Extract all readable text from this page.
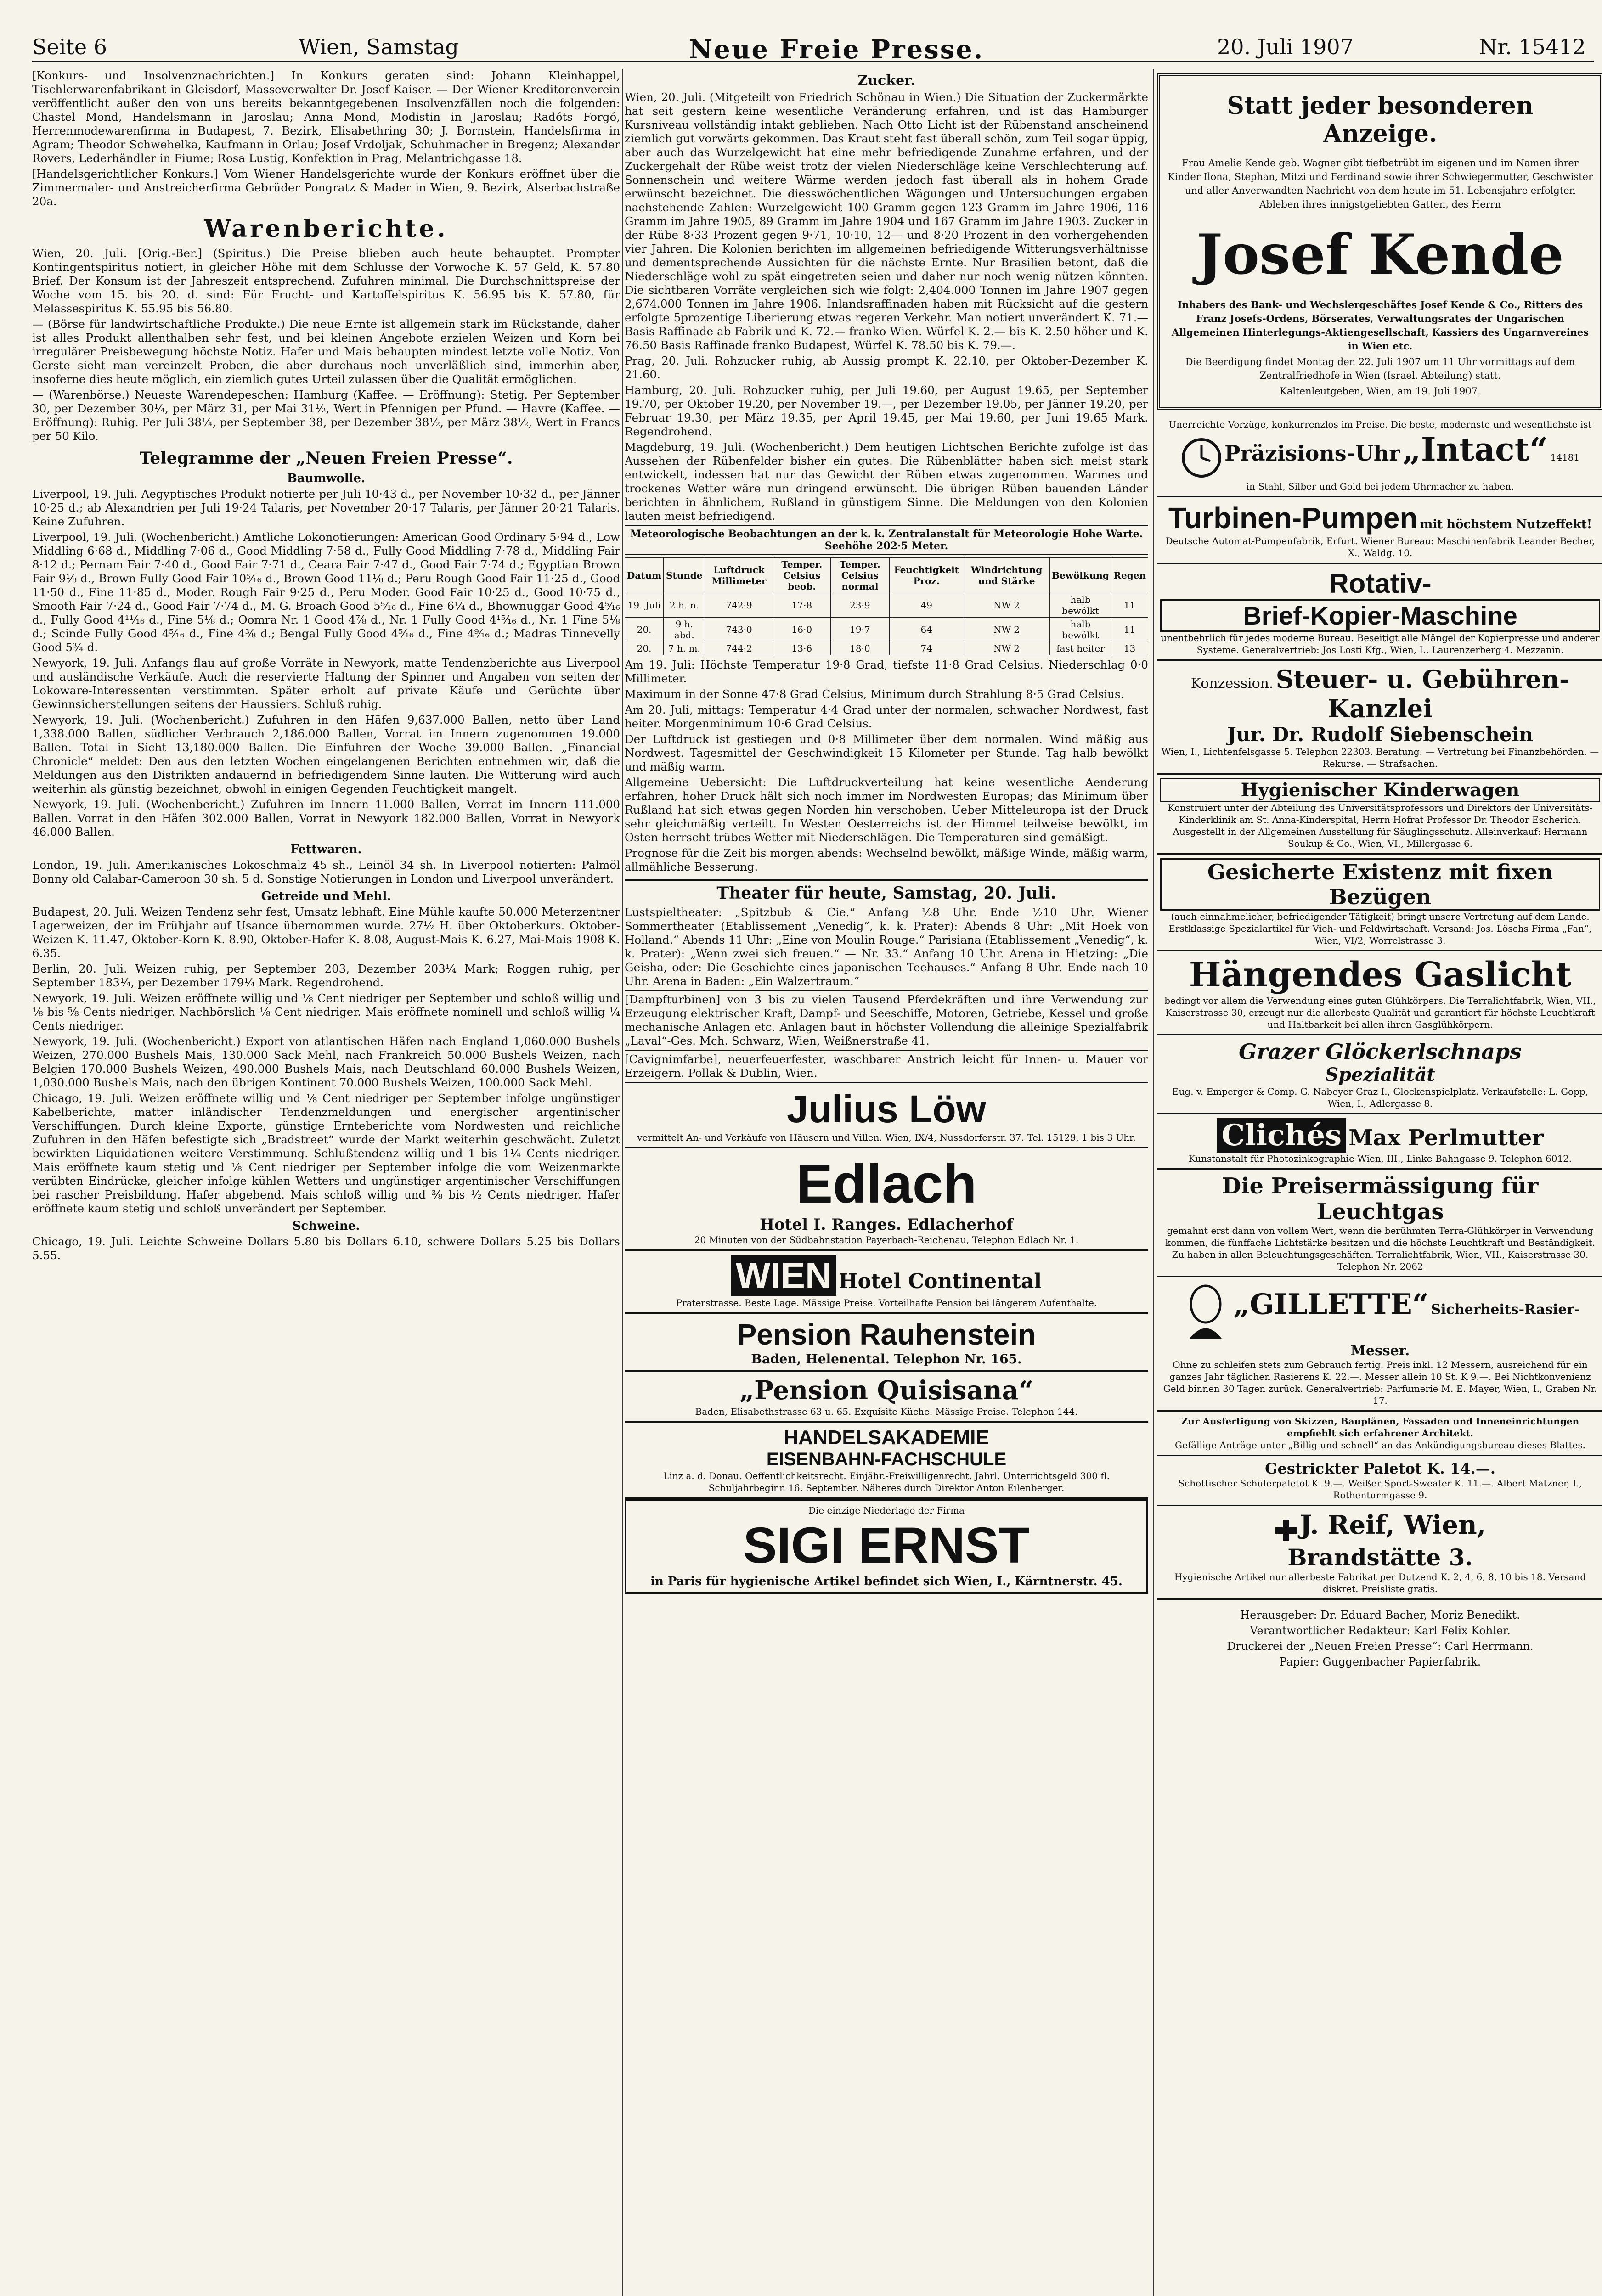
Seite 6	Wien, Samstag	Neue Freie Presse.	20. Juli 1907	Nr. 15412

[Konkurs- und Insolvenznachrichten.] In Konkurs geraten sind: Johann Kleinhappel, Tischlerwarenfabrikant in Gleisdorf, Masseverwalter Dr. Josef Kaiser. — Der Wiener Kreditorenverein veröffentlicht außer den von uns bereits bekanntgegebenen Insolvenzfällen noch die folgenden: Chastel Mond, Handelsmann in Jaroslau; Anna Mond, Modistin in Jaroslau; Radóts Forgó, Herrenmodewarenfirma in Budapest, 7. Bezirk, Elisabethring 30; J. Bornstein, Handelsfirma in Agram; Theodor Schwehelka, Kaufmann in Orlau; Josef Vrdoljak, Schuhmacher in Bregenz; Alexander Rovers, Lederhändler in Fiume; Rosa Lustig, Konfektion in Prag, Melantrichgasse 18.

[Handelsgerichtlicher Konkurs.] Vom Wiener Handelsgerichte wurde der Konkurs eröffnet über die Zimmermaler- und Anstreicherfirma Gebrüder Pongratz & Mader in Wien, 9. Bezirk, Alserbachstraße 20a.

Warenberichte.

Wien, 20. Juli. [Orig.-Ber.] (Spiritus.) Die Preise blieben auch heute behauptet. Prompter Kontingentspiritus notiert, in gleicher Höhe mit dem Schlusse der Vorwoche K. 57 Geld, K. 57.80 Brief. Der Konsum ist der Jahreszeit entsprechend. Zufuhren minimal. Die Durchschnittspreise der Woche vom 15. bis 20. d. sind: Für Frucht- und Kartoffelspiritus K. 56.95 bis K. 57.80, für Melassespiritus K. 55.95 bis 56.80.

— (Börse für landwirtschaftliche Produkte.) Die neue Ernte ist allgemein stark im Rückstande, daher ist alles Produkt allenthalben sehr fest, und bei kleinen Angebote erzielen Weizen und Korn bei irregulärer Preisbewegung höchste Notiz. Hafer und Mais behaupten mindest letzte volle Notiz. Von Gerste sieht man vereinzelt Proben, die aber durchaus noch unverläßlich sind, immerhin aber, insoferne dies heute möglich, ein ziemlich gutes Urteil zulassen über die Qualität ermöglichen.

— (Warenbörse.) Neueste Warendepeschen: Hamburg (Kaffee. — Eröffnung): Stetig. Per September 30, per Dezember 30¼, per März 31, per Mai 31½, Wert in Pfennigen per Pfund. — Havre (Kaffee. — Eröffnung): Ruhig. Per Juli 38¼, per September 38, per Dezember 38½, per März 38½, Wert in Francs per 50 Kilo.

Telegramme der „Neuen Freien Presse“.
Baumwolle.

Liverpool, 19. Juli. Aegyptisches Produkt notierte per Juli 10·43 d., per November 10·32 d., per Jänner 10·25 d.; ab Alexandrien per Juli 19·24 Talaris, per November 20·17 Talaris, per Jänner 20·21 Talaris. Keine Zufuhren.

Liverpool, 19. Juli. (Wochenbericht.) Amtliche Lokonotierungen: American Good Ordinary 5·94 d., Low Middling 6·68 d., Middling 7·06 d., Good Middling 7·58 d., Fully Good Middling 7·78 d., Middling Fair 8·12 d.; Pernam Fair 7·40 d., Good Fair 7·71 d., Ceara Fair 7·47 d., Good Fair 7·74 d.; Egyptian Brown Fair 9⅛ d., Brown Fully Good Fair 10⁵⁄₁₆ d., Brown Good 11⅛ d.; Peru Rough Good Fair 11·25 d., Good 11·50 d., Fine 11·85 d., Moder. Rough Fair 9·25 d., Peru Moder. Good Fair 10·25 d., Good 10·75 d., Smooth Fair 7·24 d., Good Fair 7·74 d., M. G. Broach Good 5⁵⁄₁₆ d., Fine 6¼ d., Bhownuggar Good 4⁵⁄₁₆ d., Fully Good 4¹¹⁄₁₆ d., Fine 5⅛ d.; Oomra Nr. 1 Good 4⅞ d., Nr. 1 Fully Good 4¹⁵⁄₁₆ d., Nr. 1 Fine 5⅛ d.; Scinde Fully Good 4⁵⁄₁₆ d., Fine 4⅜ d.; Bengal Fully Good 4⁵⁄₁₆ d., Fine 4⁹⁄₁₆ d.; Madras Tinnevelly Good 5¾ d.

Newyork, 19. Juli. Anfangs flau auf große Vorräte in Newyork, matte Tendenzberichte aus Liverpool und ausländische Verkäufe. Auch die reservierte Haltung der Spinner und Angaben von seiten der Lokoware-Interessenten verstimmten. Später erholt auf private Käufe und Gerüchte über Gewinnsicherstellungen seitens der Haussiers. Schluß ruhig.

Newyork, 19. Juli. (Wochenbericht.) Zufuhren in den Häfen 9,637.000 Ballen, netto über Land 1,338.000 Ballen, südlicher Verbrauch 2,186.000 Ballen, Vorrat im Innern zugenommen 19.000 Ballen. Total in Sicht 13,180.000 Ballen. Die Einfuhren der Woche 39.000 Ballen. „Financial Chronicle“ meldet: Den aus den letzten Wochen eingelangenen Berichten entnehmen wir, daß die Meldungen aus den Distrikten andauernd in befriedigendem Sinne lauten. Die Witterung wird auch weiterhin als günstig bezeichnet, obwohl in einigen Gegenden Feuchtigkeit mangelt.

Newyork, 19. Juli. (Wochenbericht.) Zufuhren im Innern 11.000 Ballen, Vorrat im Innern 111.000 Ballen. Vorrat in den Häfen 302.000 Ballen, Vorrat in Newyork 182.000 Ballen, Vorrat in Newyork 46.000 Ballen.

Fettwaren.

London, 19. Juli. Amerikanisches Lokoschmalz 45 sh., Leinöl 34 sh. In Liverpool notierten: Palmöl Bonny old Calabar-Cameroon 30 sh. 5 d. Sonstige Notierungen in London und Liverpool unverändert.

Getreide und Mehl.

Budapest, 20. Juli. Weizen Tendenz sehr fest, Umsatz lebhaft. Eine Mühle kaufte 50.000 Meterzentner Lagerweizen, der im Frühjahr auf Usance übernommen wurde. 27½ H. über Oktoberkurs. Oktober-Weizen K. 11.47, Oktober-Korn K. 8.90, Oktober-Hafer K. 8.08, August-Mais K. 6.27, Mai-Mais 1908 K. 6.35.

Berlin, 20. Juli. Weizen ruhig, per September 203, Dezember 203¼ Mark; Roggen ruhig, per September 183¼, per Dezember 179¼ Mark. Regendrohend.

Newyork, 19. Juli. Weizen eröffnete willig und ⅛ Cent niedriger per September und schloß willig und ⅛ bis ⅝ Cents niedriger. Nachbörslich ⅛ Cent niedriger. Mais eröffnete nominell und schloß willig ¼ Cents niedriger.

Newyork, 19. Juli. (Wochenbericht.) Export von atlantischen Häfen nach England 1,060.000 Bushels Weizen, 270.000 Bushels Mais, 130.000 Sack Mehl, nach Frankreich 50.000 Bushels Weizen, nach Belgien 170.000 Bushels Weizen, 490.000 Bushels Mais, nach Deutschland 60.000 Bushels Weizen, 1,030.000 Bushels Mais, nach den übrigen Kontinent 70.000 Bushels Weizen, 100.000 Sack Mehl.

Chicago, 19. Juli. Weizen eröffnete willig und ⅛ Cent niedriger per September infolge ungünstiger Kabelberichte, matter inländischer Tendenzmeldungen und energischer argentinischer Verschiffungen. Durch kleine Exporte, günstige Ernteberichte vom Nordwesten und reichliche Zufuhren in den Häfen befestigte sich „Bradstreet“ wurde der Markt weiterhin geschwächt. Zuletzt bewirkten Liquidationen weitere Verstimmung. Schlußtendenz willig und 1 bis 1¼ Cents niedriger. Mais eröffnete kaum stetig und ⅛ Cent niedriger per September infolge die vom Weizenmarkte verübten Eindrücke, gleicher infolge kühlen Wetters und ungünstiger argentinischer Verschiffungen bei rascher Preisbildung. Hafer abgebend. Mais schloß willig und ⅜ bis ½ Cents niedriger. Hafer eröffnete kaum stetig und schloß unverändert per September.

Schweine.

Chicago, 19. Juli. Leichte Schweine Dollars 5.80 bis Dollars 6.10, schwere Dollars 5.25 bis Dollars 5.55.

Zucker.

Wien, 20. Juli. (Mitgeteilt von Friedrich Schönau in Wien.) Die Situation der Zuckermärkte hat seit gestern keine wesentliche Veränderung erfahren, und ist das Hamburger Kursniveau vollständig intakt geblieben. Nach Otto Licht ist der Rübenstand anscheinend ziemlich gut vorwärts gekommen. Das Kraut steht fast überall schön, zum Teil sogar üppig, aber auch das Wurzelgewicht hat eine mehr befriedigende Zunahme erfahren, und der Zuckergehalt der Rübe weist trotz der vielen Niederschläge keine Verschlechterung auf. Sonnenschein und weitere Wärme werden jedoch fast überall als in hohem Grade erwünscht bezeichnet. Die diesswöchentlichen Wägungen und Untersuchungen ergaben nachstehende Zahlen: Wurzelgewicht 100 Gramm gegen 123 Gramm im Jahre 1906, 116 Gramm im Jahre 1905, 89 Gramm im Jahre 1904 und 167 Gramm im Jahre 1903. Zucker in der Rübe 8·33 Prozent gegen 9·71, 10·10, 12— und 8·20 Prozent in den vorhergehenden vier Jahren. Die Kolonien berichten im allgemeinen befriedigende Witterungsverhältnisse und dementsprechende Aussichten für die nächste Ernte. Nur Brasilien betont, daß die Niederschläge wohl zu spät eingetreten seien und daher nur noch wenig nützen könnten. Die sichtbaren Vorräte vergleichen sich wie folgt: 2,404.000 Tonnen im Jahre 1907 gegen 2,674.000 Tonnen im Jahre 1906. Inlandsraffinaden haben mit Rücksicht auf die gestern erfolgte 5prozentige Liberierung etwas regeren Verkehr. Man notiert unverändert K. 71.— Basis Raffinade ab Fabrik und K. 72.— franko Wien. Würfel K. 2.— bis K. 2.50 höher und K. 76.50 Basis Raffinade franko Budapest, Würfel K. 78.50 bis K. 79.—.

Prag, 20. Juli. Rohzucker ruhig, ab Aussig prompt K. 22.10, per Oktober-Dezember K. 21.60.

Hamburg, 20. Juli. Rohzucker ruhig, per Juli 19.60, per August 19.65, per September 19.70, per Oktober 19.20, per November 19.—, per Dezember 19.05, per Jänner 19.20, per Februar 19.30, per März 19.35, per April 19.45, per Mai 19.60, per Juni 19.65 Mark. Regendrohend.

Magdeburg, 19. Juli. (Wochenbericht.) Dem heutigen Lichtschen Berichte zufolge ist das Aussehen der Rübenfelder bisher ein gutes. Die Rübenblätter haben sich meist stark entwickelt, indessen hat nur das Gewicht der Rüben etwas zugenommen. Warmes und trockenes Wetter wäre nun dringend erwünscht. Die übrigen Rüben bauenden Länder berichten in ähnlichem, Rußland in günstigem Sinne. Die Meldungen von den Kolonien lauten meist befriedigend.

Meteorologische Beobachtungen an der k. k. Zentralanstalt für Meteorologie Hohe Warte. Seehöhe 202·5 Meter.
Datum	Stunde	Luftdruck Millimeter	Temper. Celsius beob.	Temper. Celsius normal	Feuchtigkeit Proz.	Windrichtung und Stärke	Bewölkung	Regen
19. Juli	2 h. n.	742·9	17·8	23·9	49	NW 2	halb bewölkt	11
20.	9 h. abd.	743·0	16·0	19·7	64	NW 2	halb bewölkt	11
20.	7 h. m.	744·2	13·6	18·0	74	NW 2	fast heiter	13

Am 19. Juli: Höchste Temperatur 19·8 Grad, tiefste 11·8 Grad Celsius. Niederschlag 0·0 Millimeter.

Maximum in der Sonne 47·8 Grad Celsius, Minimum durch Strahlung 8·5 Grad Celsius.

Am 20. Juli, mittags: Temperatur 4·4 Grad unter der normalen, schwacher Nordwest, fast heiter. Morgenminimum 10·6 Grad Celsius.

Der Luftdruck ist gestiegen und 0·8 Millimeter über dem normalen. Wind mäßig aus Nordwest. Tagesmittel der Geschwindigkeit 15 Kilometer per Stunde. Tag halb bewölkt und mäßig warm.

Allgemeine Uebersicht: Die Luftdruckverteilung hat keine wesentliche Aenderung erfahren, hoher Druck hält sich noch immer im Nordwesten Europas; das Minimum über Rußland hat sich etwas gegen Norden hin verschoben. Ueber Mitteleuropa ist der Druck sehr gleichmäßig verteilt. In Westen Oesterreichs ist der Himmel teilweise bewölkt, im Osten herrscht trübes Wetter mit Niederschlägen. Die Temperaturen sind gemäßigt.

Prognose für die Zeit bis morgen abends: Wechselnd bewölkt, mäßige Winde, mäßig warm, allmähliche Besserung.

Theater für heute, Samstag, 20. Juli.

Lustspieltheater: „Spitzbub & Cie.“ Anfang ½8 Uhr. Ende ½10 Uhr. Wiener Sommertheater (Etablissement „Venedig“, k. k. Prater): Abends 8 Uhr: „Mit Hoek von Holland.“ Abends 11 Uhr: „Eine von Moulin Rouge.“ Parisiana (Etablissement „Venedig“, k. k. Prater): „Wenn zwei sich freuen.“ — Nr. 33.“ Anfang 10 Uhr. Arena in Hietzing: „Die Geisha, oder: Die Geschichte eines japanischen Teehauses.“ Anfang 8 Uhr. Ende nach 10 Uhr. Arena in Baden: „Ein Walzertraum.“

[Dampfturbinen] von 3 bis zu vielen Tausend Pferdekräften und ihre Verwendung zur Erzeugung elektrischer Kraft, Dampf- und Seeschiffe, Motoren, Getriebe, Kessel und große mechanische Anlagen etc. Anlagen baut in höchster Vollendung die alleinige Spezialfabrik „Laval“-Ges. Mch. Schwarz, Wien, Weißnerstraße 41.

[Cavignimfarbe], neuerfeuerfester, waschbarer Anstrich leicht für Innen- u. Mauer vor Erzeigern. Pollak & Dublin, Wien.

Julius Löw
vermittelt An- und Verkäufe von Häusern und Villen. Wien, IX/4, Nussdorferstr. 37. Tel. 15129, 1 bis 3 Uhr.
Edlach
Hotel I. Ranges. Edlacherhof
20 Minuten von der Südbahnstation Payerbach-Reichenau, Telephon Edlach Nr. 1.
WIEN Hotel Continental
Praterstrasse. Beste Lage. Mässige Preise. Vorteilhafte Pension bei längerem Aufenthalte.
Pension Rauhenstein
Baden, Helenental. Telephon Nr. 165.
„Pension Quisisana“
Baden, Elisabethstrasse 63 u. 65. Exquisite Küche. Mässige Preise. Telephon 144.
HANDELSAKADEMIE
EISENBAHN-FACHSCHULE
Linz a. d. Donau. Oeffentlichkeitsrecht. Einjähr.-Freiwilligenrecht. Jahrl. Unterrichtsgeld 300 fl. Schuljahrbeginn 16. September. Näheres durch Direktor Anton Eilenberger.
Die einzige Niederlage der Firma
SIGI ERNST
in Paris für hygienische Artikel befindet sich Wien, I., Kärntnerstr. 45.
Statt jeder besonderen Anzeige.

Frau Amelie Kende geb. Wagner gibt tiefbetrübt im eigenen und im Namen ihrer Kinder Ilona, Stephan, Mitzi und Ferdinand sowie ihrer Schwiegermutter, Geschwister und aller Anverwandten Nachricht von dem heute im 51. Lebensjahre erfolgten Ableben ihres innigstgeliebten Gatten, des Herrn

Josef Kende

Inhabers des Bank- und Wechslergeschäftes Josef Kende & Co., Ritters des Franz Josefs-Ordens, Börserates, Verwaltungsrates der Ungarischen Allgemeinen Hinterlegungs-Aktiengesellschaft, Kassiers des Ungarnvereines in Wien etc.

Die Beerdigung findet Montag den 22. Juli 1907 um 11 Uhr vormittags auf dem Zentralfriedhofe in Wien (Israel. Abteilung) statt.

Kaltenleutgeben, Wien, am 19. Juli 1907.

Unerreichte Vorzüge, konkurrenzlos im Preise. Die beste, modernste und wesentlichste ist
Präzisions-Uhr „Intact“ 14181
in Stahl, Silber und Gold bei jedem Uhrmacher zu haben.
Turbinen-Pumpen mit höchstem Nutzeffekt!
Deutsche Automat-Pumpenfabrik, Erfurt. Wiener Bureau: Maschinenfabrik Leander Becher, X., Waldg. 10.
Rotativ-
Brief-Kopier-Maschine
unentbehrlich für jedes moderne Bureau. Beseitigt alle Mängel der Kopierpresse und anderer Systeme. Generalvertrieb: Jos Losti Kfg., Wien, I., Laurenzerberg 4. Mezzanin.
Konzession. Steuer- u. Gebühren-Kanzlei
Jur. Dr. Rudolf Siebenschein
Wien, I., Lichtenfelsgasse 5. Telephon 22303. Beratung. — Vertretung bei Finanzbehörden. — Rekurse. — Strafsachen.
Hygienischer Kinderwagen
Konstruiert unter der Abteilung des Universitätsprofessors und Direktors der Universitäts-Kinderklinik am St. Anna-Kinderspital, Herrn Hofrat Professor Dr. Theodor Escherich. Ausgestellt in der Allgemeinen Ausstellung für Säuglingsschutz. Alleinverkauf: Hermann Soukup & Co., Wien, VI., Millergasse 6.
Gesicherte Existenz mit fixen Bezügen
(auch einnahmelicher, befriedigender Tätigkeit) bringt unsere Vertretung auf dem Lande. Erstklassige Spezialartikel für Vieh- und Feldwirtschaft. Versand: Jos. Löschs Firma „Fan“, Wien, VI/2, Worrelstrasse 3.
Hängendes Gaslicht
bedingt vor allem die Verwendung eines guten Glühkörpers. Die Terralichtfabrik, Wien, VII., Kaiserstrasse 30, erzeugt nur die allerbeste Qualität und garantiert für höchste Leuchtkraft und Haltbarkeit bei allen ihren Gasglühkörpern.
Grazer Glöckerlschnaps
Spezialität
Eug. v. Emperger & Comp. G. Nabeyer Graz I., Glockenspielplatz. Verkaufstelle: L. Gopp, Wien, I., Adlergasse 8.
Clichés Max Perlmutter
Kunstanstalt für Photozinkographie Wien, III., Linke Bahngasse 9. Telephon 6012.
Die Preisermässigung für Leuchtgas
gemahnt erst dann von vollem Wert, wenn die berühmten Terra-Glühkörper in Verwendung kommen, die fünffache Lichtstärke besitzen und die höchste Leuchtkraft und Beständigkeit. Zu haben in allen Beleuchtungsgeschäften. Terralichtfabrik, Wien, VII., Kaiserstrasse 30. Telephon Nr. 2062
„GILLETTE“ Sicherheits-Rasier-Messer.
Ohne zu schleifen stets zum Gebrauch fertig. Preis inkl. 12 Messern, ausreichend für ein ganzes Jahr täglichen Rasierens K. 22.—. Messer allein 10 St. K 9.—. Bei Nichtkonvenienz Geld binnen 30 Tagen zurück. Generalvertrieb: Parfumerie M. E. Mayer, Wien, I., Graben Nr. 17.
Zur Ausfertigung von Skizzen, Bauplänen, Fassaden und Inneneinrichtungen empfiehlt sich erfahrener Architekt.
Gefällige Anträge unter „Billig und schnell“ an das Ankündigungsbureau dieses Blattes.
Gestrickter Paletot K. 14.—.
Schottischer Schülerpaletot K. 9.—. Weißer Sport-Sweater K. 11.—. Albert Matzner, I., Rothenturmgasse 9.
J. Reif, Wien,
Brandstätte 3.
Hygienische Artikel nur allerbeste Fabrikat per Dutzend K. 2, 4, 6, 8, 10 bis 18. Versand diskret. Preisliste gratis.
Herausgeber: Dr. Eduard Bacher, Moriz Benedikt.
Verantwortlicher Redakteur: Karl Felix Kohler.
Druckerei der „Neuen Freien Presse“: Carl Herrmann.
Papier: Guggenbacher Papierfabrik.
